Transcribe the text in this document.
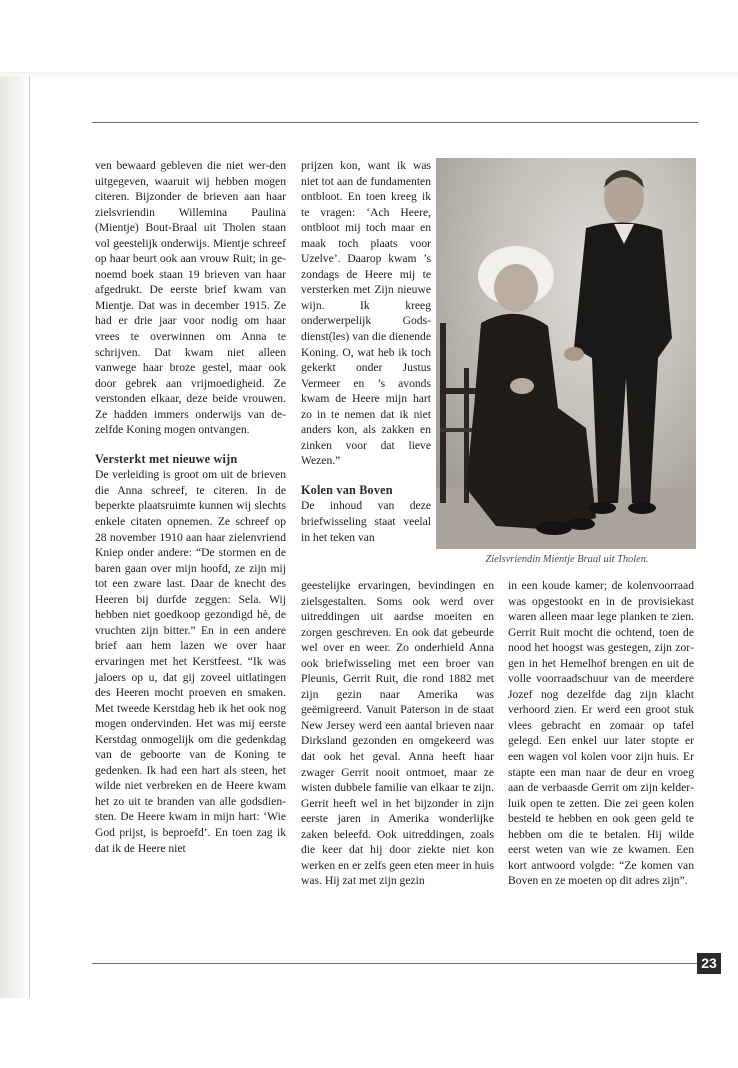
ven bewaard gebleven die niet wer-den uitgegeven, waaruit wij hebben mogen citeren. Bijzonder de brieven aan haar zielsvriendin Willemina Paulina (Mientje) Bout-Braal uit Tholen staan vol geestelijk onderwijs. Mientje schreef op haar beurt ook aan vrouw Ruit; in genoemd boek staan 19 brieven van haar afgedrukt. De eerste brief kwam van Mientje. Dat was in december 1915. Ze had er drie jaar voor nodig om haar vrees te overwinnen om Anna te schrijven. Dat kwam niet alleen vanwege haar broze gestel, maar ook door gebrek aan vrijmoedigheid. Ze verstonden elkaar, deze beide vrouwen. Ze hadden immers onderwijs van dezelfde Koning mogen ontvangen.

Versterkt met nieuwe wijn

De verleiding is groot om uit de brieven die Anna schreef, te citeren. In de beperkte plaatsruimte kunnen wij slechts enkele citaten opnemen. Ze schreef op 28 november 1910 aan haar zielenvriend Kniep onder andere: “De stormen en de baren gaan over mijn hoofd, ze zijn mij tot een zware last. Daar de knecht des Heeren bij durfde zeggen: Sela. Wij hebben niet goedkoop gezondigd hè, de vruchten zijn bitter.” En in een andere brief aan hem lazen we over haar ervaringen met het Kerstfeest. “Ik was jaloers op u, dat gij zoveel uitlatingen des Heeren mocht proeven en smaken. Met tweede Kerstdag heb ik het ook nog mogen ondervinden. Het was mij eerste Kerstdag onmogelijk om die gedenkdag van de geboorte van de Koning te gedenken. Ik had een hart als steen, het wilde niet verbreken en de Heere kwam het zo uit te branden van alle godsdiensten. De Heere kwam in mijn hart: ‘Wie God prijst, is beproefd’. En toen zag ik dat ik de Heere niet

prijzen kon, want ik was niet tot aan de fundamenten ontbloot. En toen kreeg ik te vragen: ‘Ach Heere, ontbloot mij toch maar en maak toch plaats voor Uzelve’. Daarop kwam ’s zondags de Heere mij te versterken met Zijn nieuwe wijn. Ik kreeg onderwerpelijk Godsdienst(les) van die dienende Koning. O, wat heb ik toch gekerkt onder Justus Vermeer en ’s avonds kwam de Heere mijn hart zo in te nemen dat ik niet anders kon, als zakken en zinken voor dat lieve Wezen.”

Kolen van Boven

De inhoud van deze briefwisseling staat veelal in het teken van

geestelijke ervaringen, bevindingen en zielsgestalten. Soms ook werd over uitreddingen uit aardse moeiten en zorgen geschreven. En ook dat gebeurde wel over en weer. Zo onderhield Anna ook briefwisseling met een broer van Pleunis, Gerrit Ruit, die rond 1882 met zijn gezin naar Amerika was geëmigreerd. Vanuit Paterson in de staat New Jersey werd een aantal brieven naar Dirksland gezonden en omgekeerd was dat ook het geval. Anna heeft haar zwager Gerrit nooit ontmoet, maar ze wisten dubbele familie van elkaar te zijn. Gerrit heeft wel in het bijzonder in zijn eerste jaren in Amerika wonderlijke zaken beleefd. Ook uitreddingen, zoals die keer dat hij door ziekte niet kon werken en er zelfs geen eten meer in huis was. Hij zat met zijn gezin

in een koude kamer; de kolenvoorraad was opgestookt en in de provisiekast waren alleen maar lege planken te zien. Gerrit Ruit mocht die ochtend, toen de nood het hoogst was gestegen, zijn zorgen in het Hemelhof brengen en uit de volle voorraadschuur van de meerdere Jozef nog dezelfde dag zijn klacht verhoord zien. Er werd een groot stuk vlees gebracht en zomaar op tafel gelegd. Een enkel uur later stopte er een wagen vol kolen voor zijn huis. Er stapte een man naar de deur en vroeg aan de verbaasde Gerrit om zijn kelderluik open te zetten. Die zei geen kolen besteld te hebben en ook geen geld te hebben om die te betalen. Hij wilde eerst weten van wie ze kwamen. Een kort antwoord volgde: “Ze komen van Boven en ze moeten op dit adres zijn”.

Zielsvriendin Mientje Braal uit Tholen.
23
